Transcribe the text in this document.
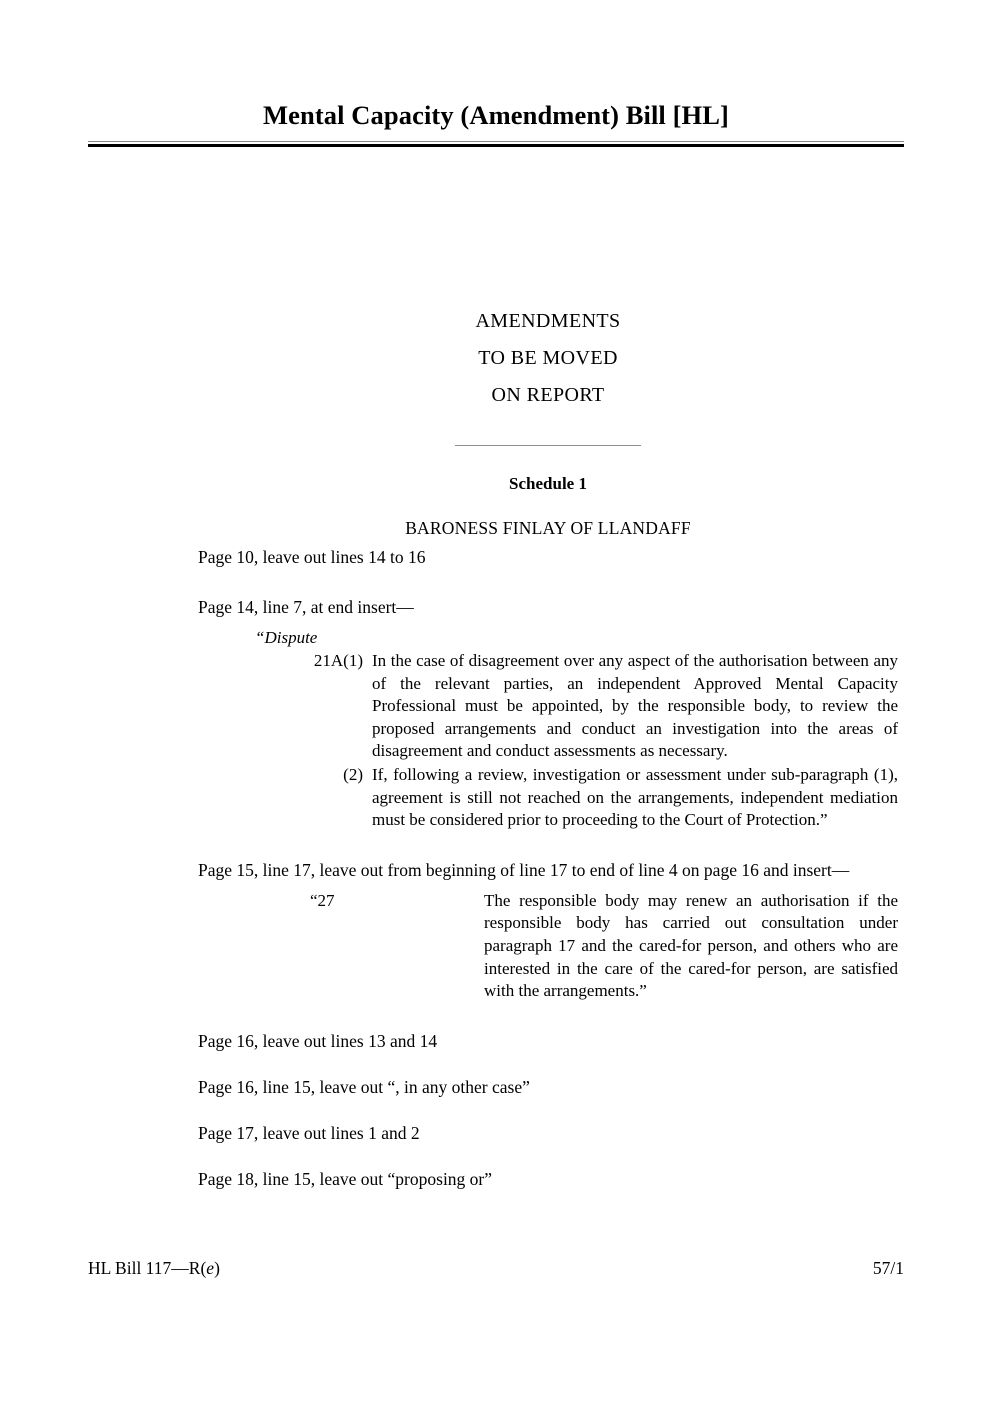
Mental Capacity (Amendment) Bill [HL]
AMENDMENTS
TO BE MOVED
ON REPORT
Schedule 1
BARONESS FINLAY OF LLANDAFF

Page 10, leave out lines 14 to 16

Page 14, line 7, at end insert—

“Dispute

21A(1) In the case of disagreement over any aspect of the authorisation between any of the relevant parties, an independent Approved Mental Capacity Professional must be appointed, by the responsible body, to review the proposed arrangements and conduct an investigation into the areas of disagreement and conduct assessments as necessary.
(2) If, following a review, investigation or assessment under sub-paragraph (1), agreement is still not reached on the arrangements, independent mediation must be considered prior to proceeding to the Court of Protection.”

Page 15, line 17, leave out from beginning of line 17 to end of line 4 on page 16 and insert—

“27	The responsible body may renew an authorisation if the responsible body has carried out consultation under paragraph 17 and the cared-for person, and others who are interested in the care of the cared-for person, are satisfied with the arrangements.”

Page 16, leave out lines 13 and 14

Page 16, line 15, leave out “, in any other case”

Page 17, leave out lines 1 and 2

Page 18, line 15, leave out “proposing or”

HL Bill 117—R(e)	57/1
